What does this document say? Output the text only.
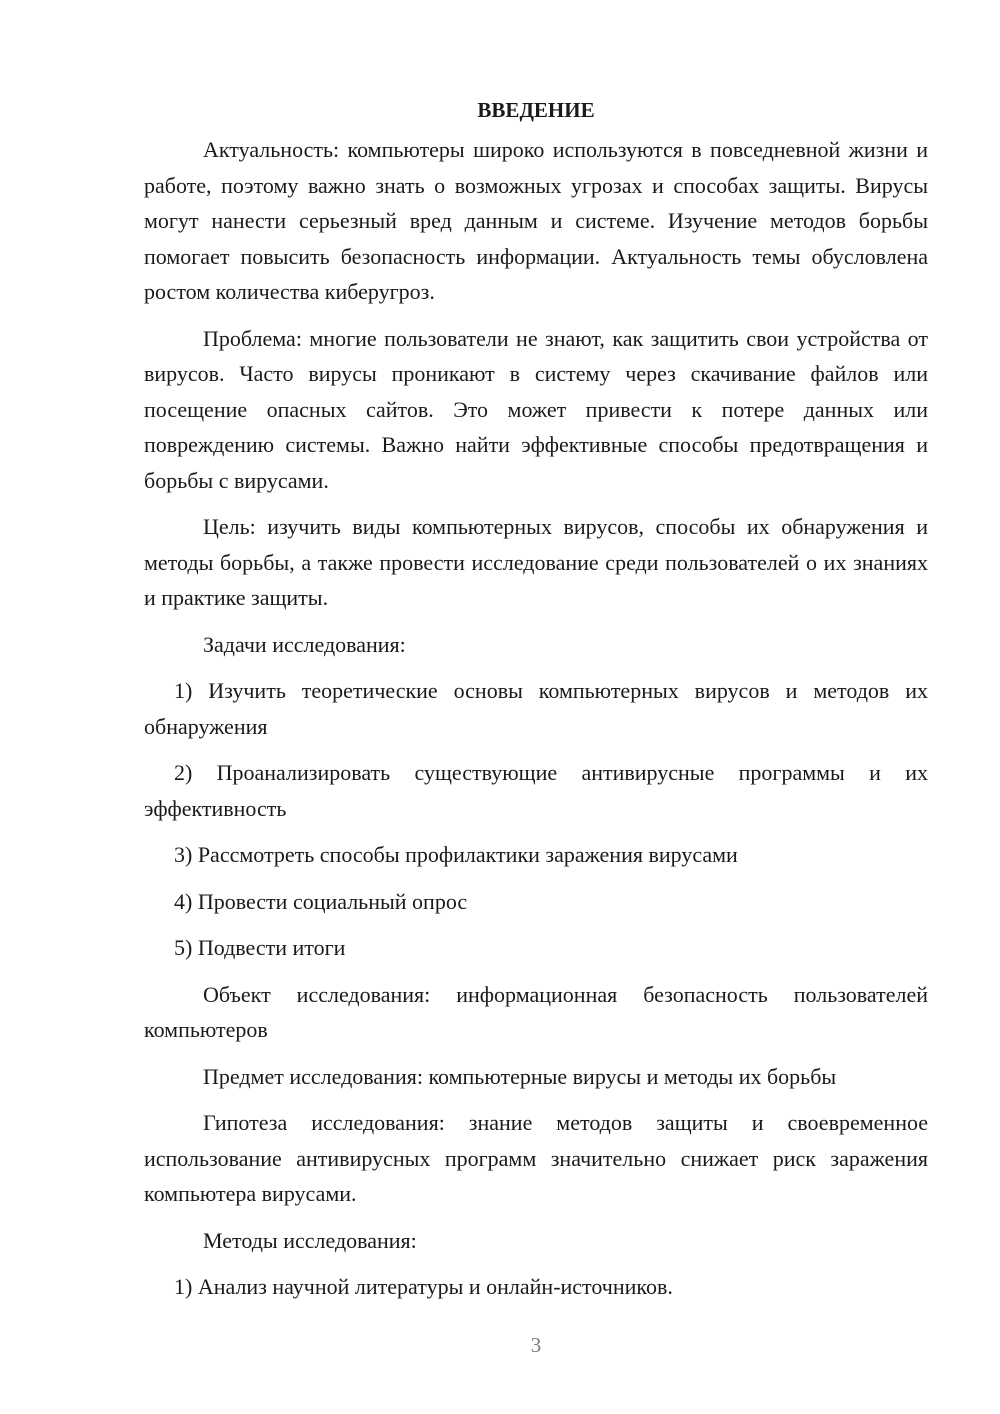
ВВЕДЕНИЕ

Актуальность: компьютеры широко используются в повседневной жизни и работе, поэтому важно знать о возможных угрозах и способах защиты. Вирусы могут нанести серьезный вред данным и системе. Изучение методов борьбы помогает повысить безопасность информации. Актуальность темы обусловлена ростом количества киберугроз.

Проблема: многие пользователи не знают, как защитить свои устройства от вирусов. Часто вирусы проникают в систему через скачивание файлов или посещение опасных сайтов. Это может привести к потере данных или повреждению системы. Важно найти эффективные способы предотвращения и борьбы с вирусами.

Цель: изучить виды компьютерных вирусов, способы их обнаружения и методы борьбы, а также провести исследование среди пользователей о их знаниях и практике защиты.

Задачи исследования:

1) Изучить теоретические основы компьютерных вирусов и методов их обнаружения

2) Проанализировать существующие антивирусные программы и их эффективность

3) Рассмотреть способы профилактики заражения вирусами

4) Провести социальный опрос

5) Подвести итоги

Объект исследования: информационная безопасность пользователей компьютеров

Предмет исследования: компьютерные вирусы и методы их борьбы

Гипотеза исследования: знание методов защиты и своевременное использование антивирусных программ значительно снижает риск заражения компьютера вирусами.

Методы исследования:

1) Анализ научной литературы и онлайн-источников.

3
